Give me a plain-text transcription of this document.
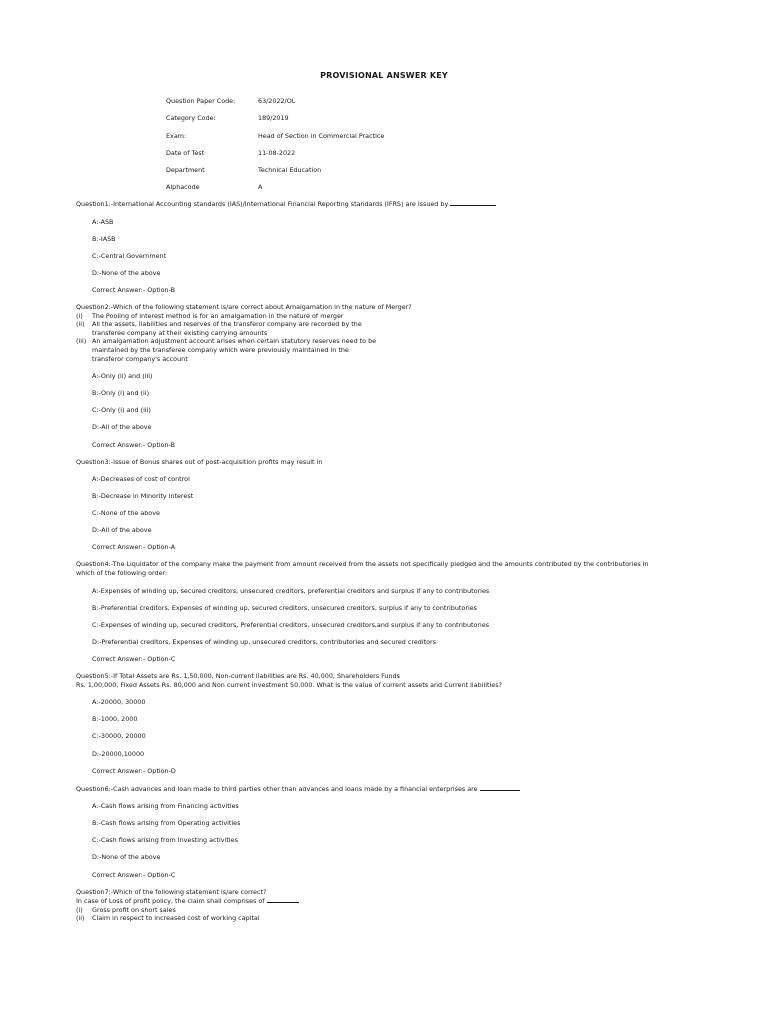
PROVISIONAL ANSWER KEY
Question Paper Code:	63/2022/OL
Category Code:	189/2019
Exam:	Head of Section in Commercial Practice
Date of Test	11-08-2022
Department	Technical Education
Alphacode	A
Question1:-International Accounting standards (IAS)/International Financial Reporting standards (IFRS) are issued by
A:-ASB
B:-IASB
C:-Central Government
D:-None of the above
Correct Answer:- Option-B
Question2:-Which of the following statement is/are correct about Amalgamation in the nature of Merger?
(i)	The Pooling of interest method is for an amalgamation in the nature of merger
(ii)	All the assets, liabilities and reserves of the transferor company are recorded by the
transferee company at their existing carrying amounts
(iii) An amalgamation adjustment account arises when certain statutory reserves need to be
maintained by the transferee company which were previously maintained in the
transferor company's account
A:-Only (ii) and (iii)
B:-Only (i) and (ii)
C:-Only (i) and (iii)
D:-All of the above
Correct Answer:- Option-B
Question3:-Issue of Bonus shares out of post-acquisition profits may result in
A:-Decreases of cost of control
B:-Decrease in Minority interest
C:-None of the above
D:-All of the above
Correct Answer:- Option-A
Question4:-The Liquidator of the company make the payment from amount received from the assets not specifically pledged and the amounts contributed by the contributories in
which of the following order:
A:-Expenses of winding up, secured creditors, unsecured creditors, preferential creditors and surplus if any to contributories
B:-Preferential creditors, Expenses of winding up, secured creditors, unsecured creditors, surplus if any to contributories
C:-Expenses of winding up, secured creditors, Preferential creditors, unsecured creditors,and surplus if any to contributories
D:-Preferential creditors, Expenses of winding up, unsecured creditors, contributories and secured creditors
Correct Answer:- Option-C
Question5:-If Total Assets are Rs. 1,50,000, Non-current liabilities are Rs. 40,000, Shareholders Funds
Rs. 1,00,000, Fixed Assets Rs. 80,000 and Non current investment 50,000. What is the value of current assets and Current liabilities?
A:-20000, 30000
B:-1000, 2000
C:-30000, 20000
D:-20000,10000
Correct Answer:- Option-D
Question6:-Cash advances and loan made to third parties other than advances and loans made by a financial enterprises are
A:-Cash flows arising from Financing activities
B:-Cash flows arising from Operating activities
C:-Cash flows arising from Investing activities
D:-None of the above
Correct Answer:- Option-C
Question7:-Which of the following statement is/are correct?
In case of Loss of profit policy, the claim shall comprises of
(i)	Gross profit on short sales
(ii)	Claim in respect to increased cost of working capital
